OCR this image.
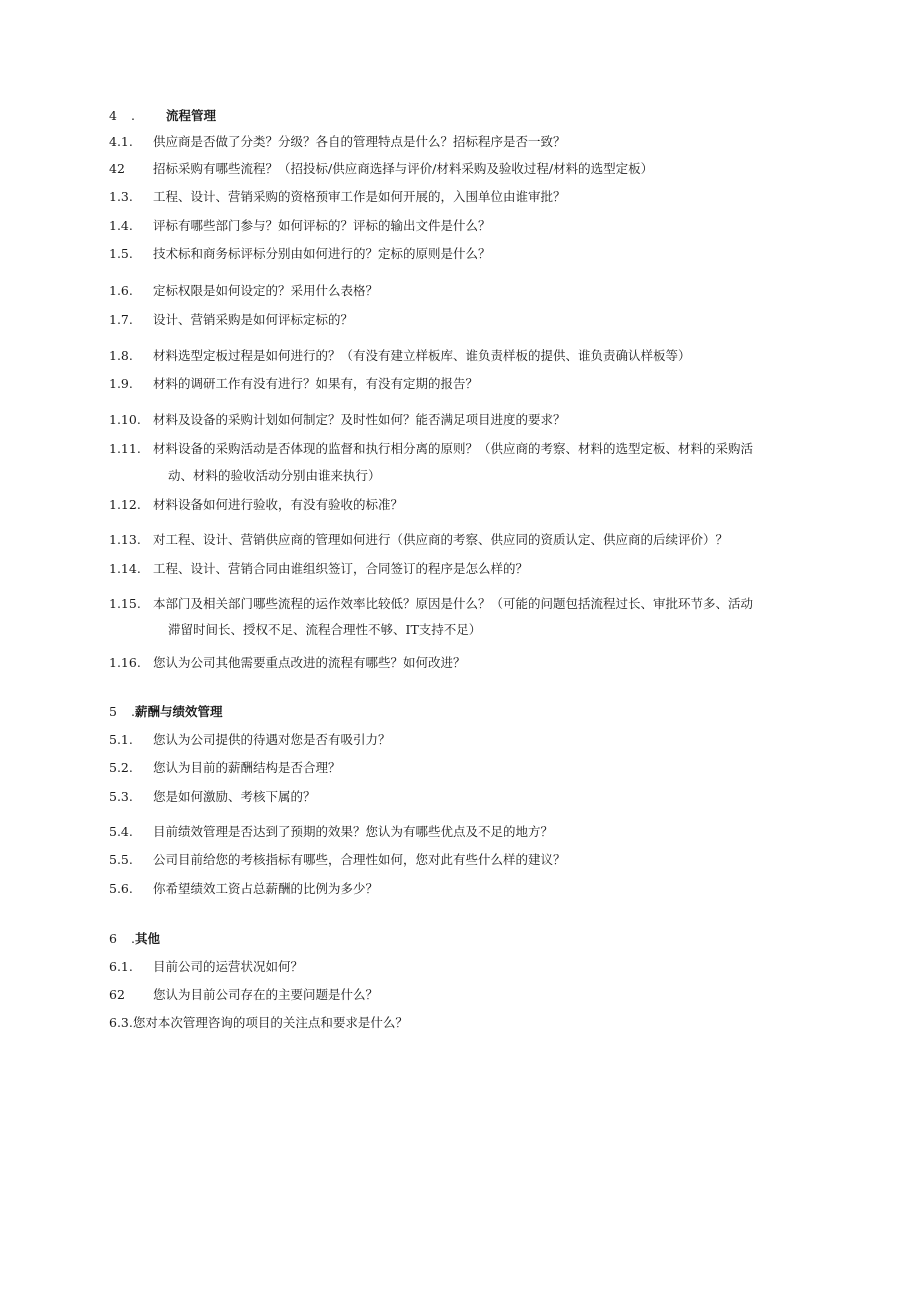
4 . 流程管理
4.1. 供应商是否做了分类？分级？各自的管理特点是什么？招标程序是否一致？
42 招标采购有哪些流程？（招投标/供应商选择与评价/材料采购及验收过程/材料的选型定板）
1.3. 工程、设计、营销采购的资格预审工作是如何开展的，入围单位由谁审批？
1.4. 评标有哪些部门参与？如何评标的？评标的输出文件是什么？
1.5. 技术标和商务标评标分别由如何进行的？定标的原则是什么？
1.6. 定标权限是如何设定的？采用什么表格？
1.7. 设计、营销采购是如何评标定标的？
1.8. 材料选型定板过程是如何进行的？（有没有建立样板库、谁负责样板的提供、谁负责确认样板等）
1.9. 材料的调研工作有没有进行？如果有，有没有定期的报告？
1.10. 材料及设备的采购计划如何制定？及时性如何？能否满足项目进度的要求？
1.11. 材料设备的采购活动是否体现的监督和执行相分离的原则？（供应商的考察、材料的选型定板、材料的采购活
动、材料的验收活动分别由谁来执行）
1.12. 材料设备如何进行验收，有没有验收的标准？
1.13. 对工程、设计、营销供应商的管理如何进行（供应商的考察、供应同的资质认定、供应商的后续评价）？
1.14. 工程、设计、营销合同由谁组织签订，合同签订的程序是怎么样的？
1.15. 本部门及相关部门哪些流程的运作效率比较低？原因是什么？（可能的问题包括流程过长、审批环节多、活动
滞留时间长、授权不足、流程合理性不够、IT支持不足）
1.16. 您认为公司其他需要重点改进的流程有哪些？如何改进？
5 . 薪酬与绩效管理
5.1. 您认为公司提供的待遇对您是否有吸引力？
5.2. 您认为目前的薪酬结构是否合理？
5.3. 您是如何激励、考核下属的？
5.4. 目前绩效管理是否达到了预期的效果？您认为有哪些优点及不足的地方？
5.5. 公司目前给您的考核指标有哪些，合理性如何，您对此有些什么样的建议？
5.6. 你希望绩效工资占总薪酬的比例为多少？
6 . 其他
6.1. 目前公司的运营状况如何？
62 您认为目前公司存在的主要问题是什么？
6.3.您对本次管理咨询的项目的关注点和要求是什么？
